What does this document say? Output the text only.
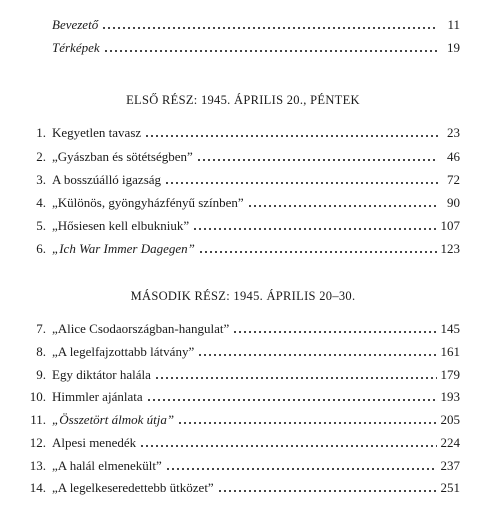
Bevezető	11
Térképek	19
ELSŐ RÉSZ: 1945. ÁPRILIS 20., PÉNTEK
1. Kegyetlen tavasz	23
2. „Gyászban és sötétségben”	46
3. A bosszúálló igazság	72
4. „Különös, gyöngyházfényű színben”	90
5. „Hősiesen kell elbukniuk”	107
6. „Ich War Immer Dagegen”	123
MÁSODIK RÉSZ: 1945. ÁPRILIS 20–30.
7. „Alice Csodaországban-hangulat”	145
8. „A legelfajzottabb látvány”	161
9. Egy diktátor halála	179
10. Himmler ajánlata	193
11. „Összetört álmok útja”	205
12. Alpesi menedék	224
13. „A halál elmenekült”	237
14. „A legelkeseredettebb ütközet”	251
